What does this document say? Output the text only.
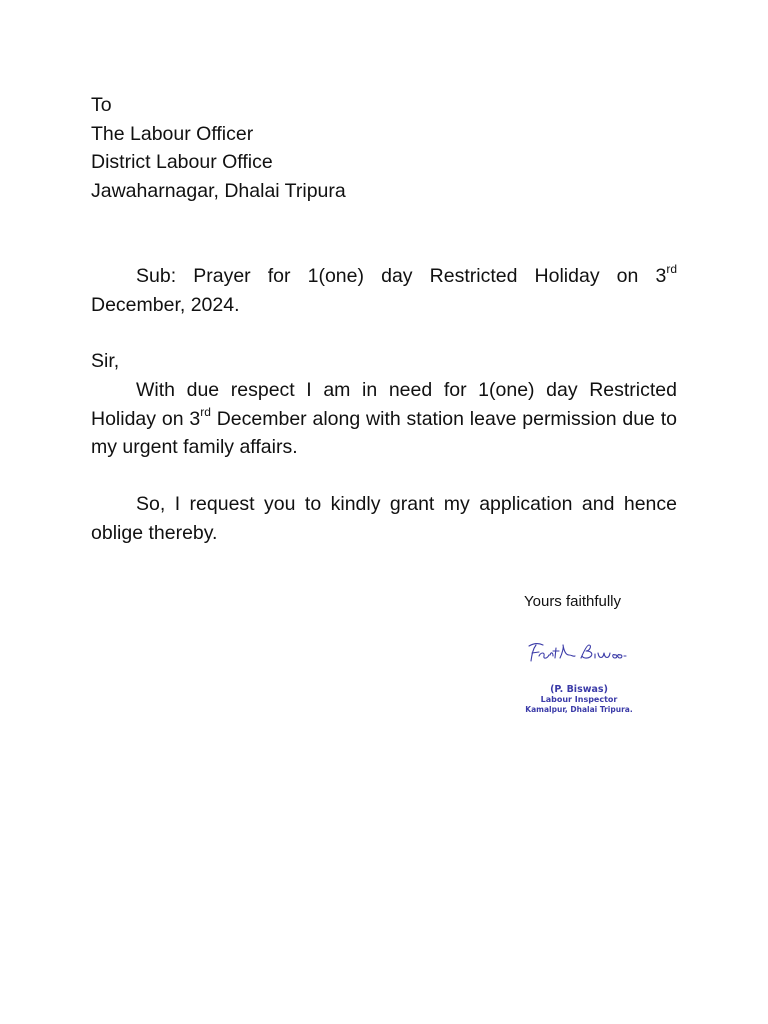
To
The Labour Officer
District Labour Office
Jawaharnagar, Dhalai Tripura
Sub: Prayer for 1(one) day Restricted Holiday on 3rd December, 2024.
Sir,
With due respect I am in need for 1(one) day Restricted Holiday on 3rd December along with station leave permission due to my urgent family affairs.
So, I request you to kindly grant my application and hence oblige thereby.
Yours faithfully
(P. Biswas)
Labour Inspector
Kamalpur, Dhalai Tripura.
